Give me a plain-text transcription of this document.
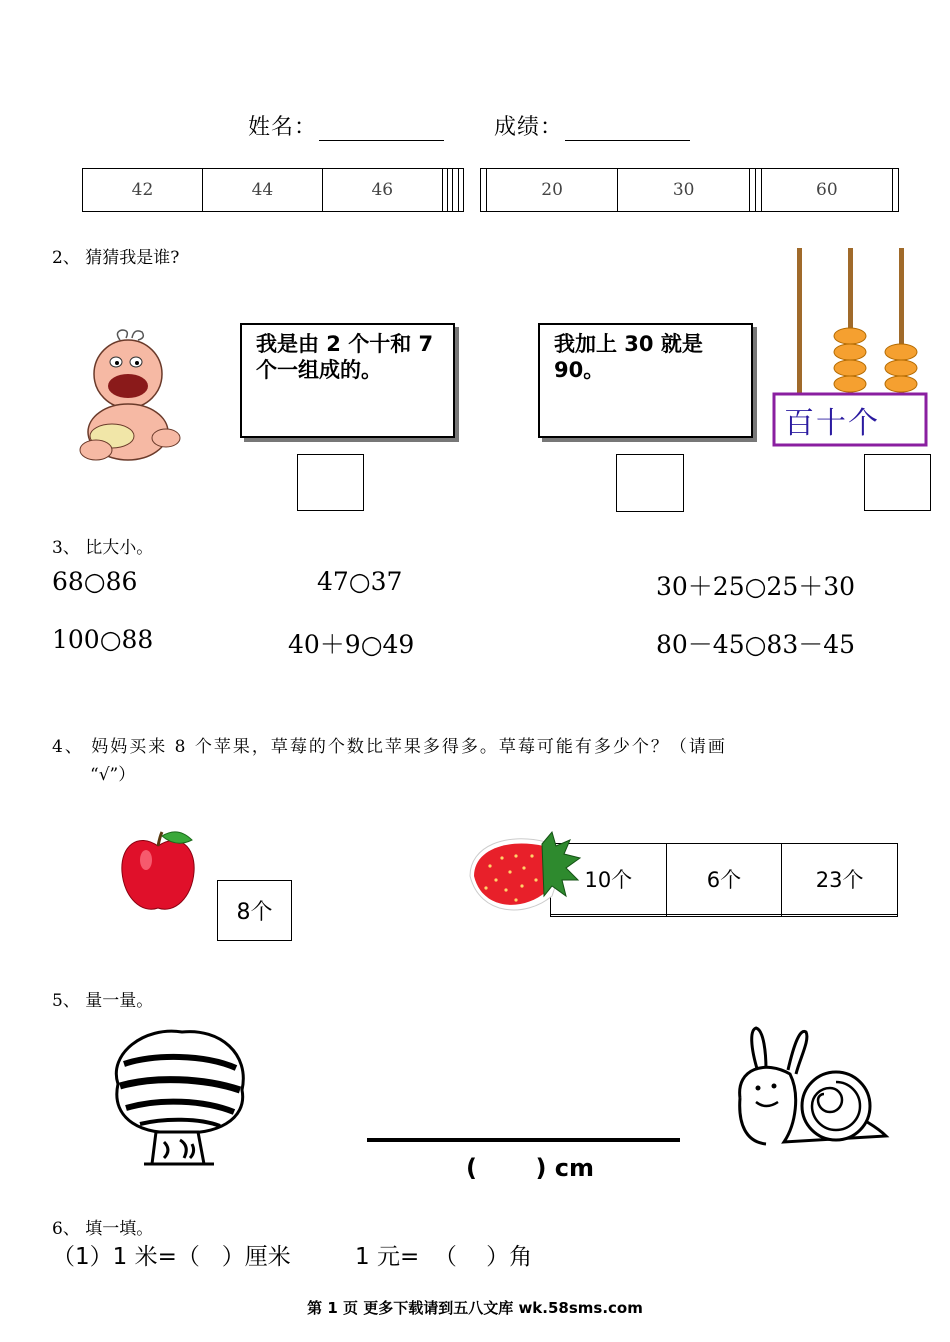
姓名：	成绩：
42	44	46				
		20	30			60	
2、 猜猜我是谁?
我是由 2 个十和 7 个一组成的。
我加上 30 就是 90。
百十个
3、 比大小。
68○86	47○37	30＋25○25＋30
100○88	40＋9○49	80－45○83－45
4、 妈妈买来 8 个苹果，草莓的个数比苹果多得多。草莓可能有多少个？（请画
“√”）
8个
10个	6个	23个

5、 量一量。
(       ) cm
6、 填一填。
（1）1 米=（   ）厘米	1 元=  （    ）角
第 1 页 更多下载请到五八文库 wk.58sms.com
